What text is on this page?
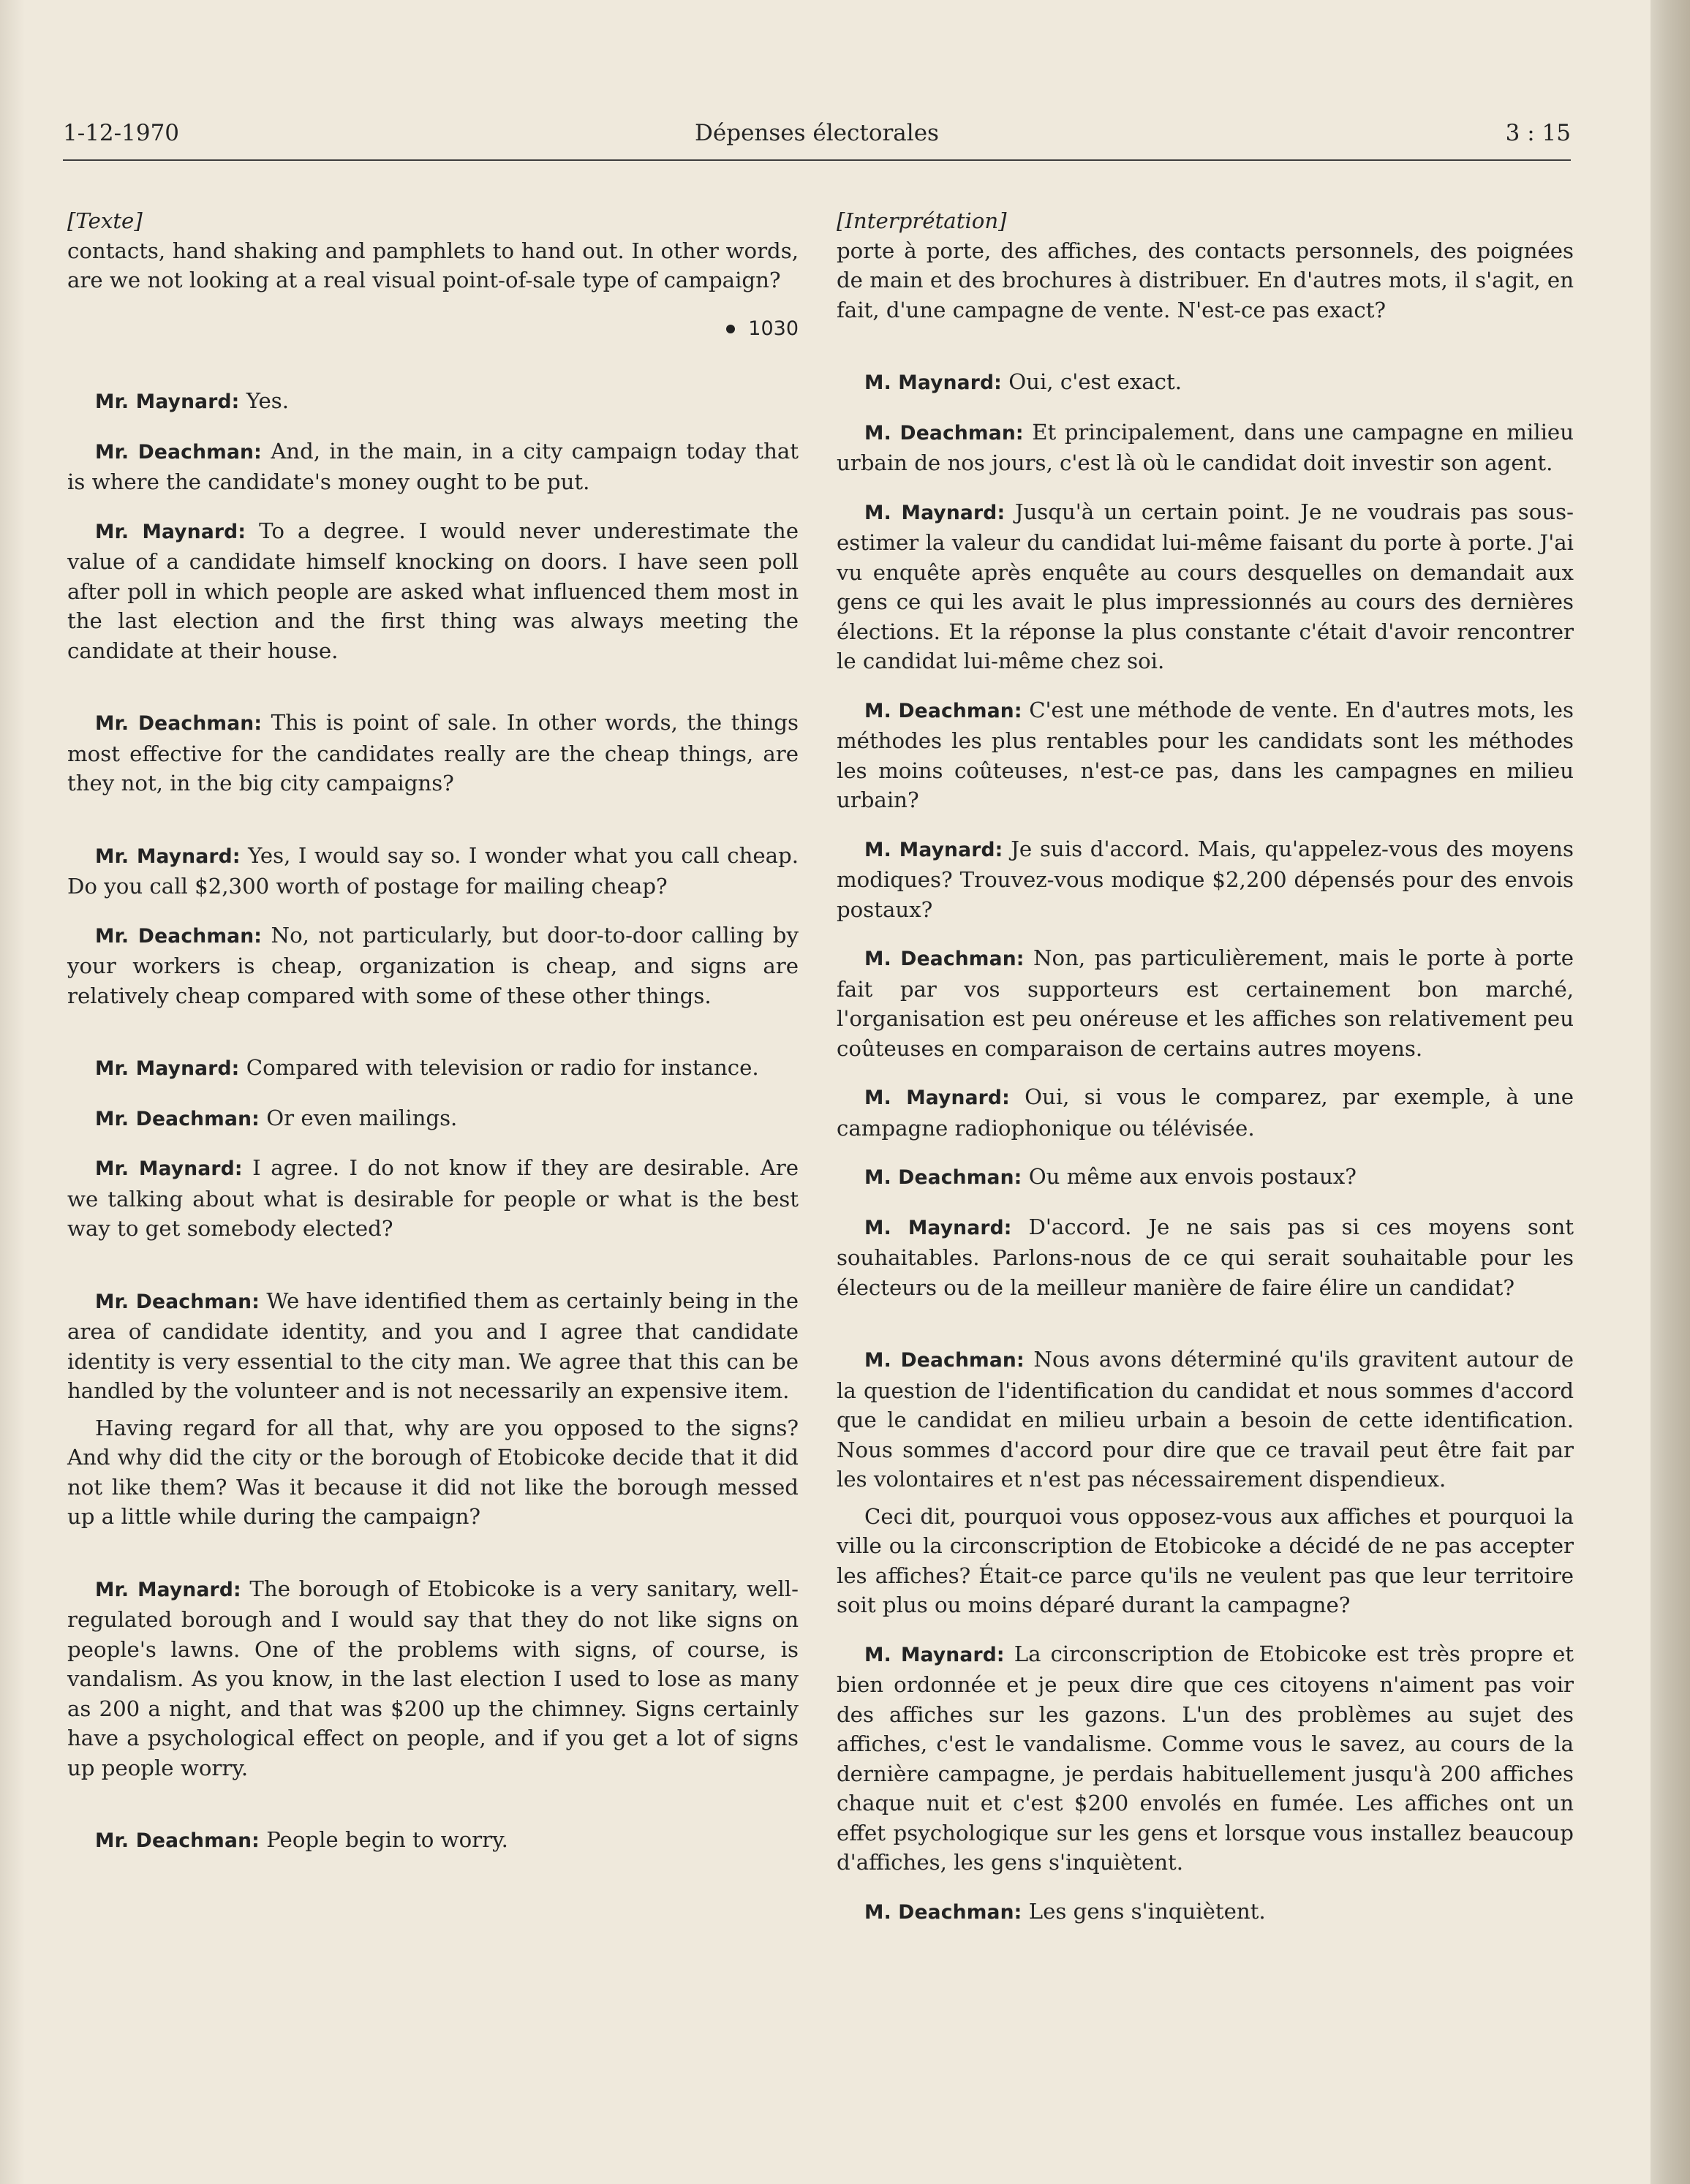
1-12-1970	Dépenses électorales	3 : 15
[Texte]

contacts, hand shaking and pamphlets to hand out. In other words, are we not looking at a real visual point-of-sale type of campaign?

1030

Mr. Maynard: Yes.

Mr. Deachman: And, in the main, in a city campaign today that is where the candidate's money ought to be put.

Mr. Maynard: To a degree. I would never underestimate the value of a candidate himself knocking on doors. I have seen poll after poll in which people are asked what influenced them most in the last election and the first thing was always meeting the candidate at their house.

Mr. Deachman: This is point of sale. In other words, the things most effective for the candidates really are the cheap things, are they not, in the big city campaigns?

Mr. Maynard: Yes, I would say so. I wonder what you call cheap. Do you call $2,300 worth of postage for mailing cheap?

Mr. Deachman: No, not particularly, but door-to-door calling by your workers is cheap, organization is cheap, and signs are relatively cheap compared with some of these other things.

Mr. Maynard: Compared with television or radio for instance.

Mr. Deachman: Or even mailings.

Mr. Maynard: I agree. I do not know if they are desirable. Are we talking about what is desirable for people or what is the best way to get somebody elected?

Mr. Deachman: We have identified them as certainly being in the area of candidate identity, and you and I agree that candidate identity is very essential to the city man. We agree that this can be handled by the volunteer and is not necessarily an expensive item.

Having regard for all that, why are you opposed to the signs? And why did the city or the borough of Etobicoke decide that it did not like them? Was it because it did not like the borough messed up a little while during the campaign?

Mr. Maynard: The borough of Etobicoke is a very sanitary, well-regulated borough and I would say that they do not like signs on people's lawns. One of the problems with signs, of course, is vandalism. As you know, in the last election I used to lose as many as 200 a night, and that was $200 up the chimney. Signs certainly have a psychological effect on people, and if you get a lot of signs up people worry.

Mr. Deachman: People begin to worry.

[Interprétation]

porte à porte, des affiches, des contacts personnels, des poignées de main et des brochures à distribuer. En d'autres mots, il s'agit, en fait, d'une campagne de vente. N'est-ce pas exact?

M. Maynard: Oui, c'est exact.

M. Deachman: Et principalement, dans une campagne en milieu urbain de nos jours, c'est là où le candidat doit investir son agent.

M. Maynard: Jusqu'à un certain point. Je ne voudrais pas sous-estimer la valeur du candidat lui-même faisant du porte à porte. J'ai vu enquête après enquête au cours desquelles on demandait aux gens ce qui les avait le plus impressionnés au cours des dernières élections. Et la réponse la plus constante c'était d'avoir rencontrer le candidat lui-même chez soi.

M. Deachman: C'est une méthode de vente. En d'autres mots, les méthodes les plus rentables pour les candidats sont les méthodes les moins coûteuses, n'est-ce pas, dans les campagnes en milieu urbain?

M. Maynard: Je suis d'accord. Mais, qu'appelez-vous des moyens modiques? Trouvez-vous modique $2,200 dépensés pour des envois postaux?

M. Deachman: Non, pas particulièrement, mais le porte à porte fait par vos supporteurs est certainement bon marché, l'organisation est peu onéreuse et les affiches son relativement peu coûteuses en comparaison de certains autres moyens.

M. Maynard: Oui, si vous le comparez, par exemple, à une campagne radiophonique ou télévisée.

M. Deachman: Ou même aux envois postaux?

M. Maynard: D'accord. Je ne sais pas si ces moyens sont souhaitables. Parlons-nous de ce qui serait souhaitable pour les électeurs ou de la meilleur manière de faire élire un candidat?

M. Deachman: Nous avons déterminé qu'ils gravitent autour de la question de l'identification du candidat et nous sommes d'accord que le candidat en milieu urbain a besoin de cette identification. Nous sommes d'accord pour dire que ce travail peut être fait par les volontaires et n'est pas nécessairement dispendieux.

Ceci dit, pourquoi vous opposez-vous aux affiches et pourquoi la ville ou la circonscription de Etobicoke a décidé de ne pas accepter les affiches? Était-ce parce qu'ils ne veulent pas que leur territoire soit plus ou moins déparé durant la campagne?

M. Maynard: La circonscription de Etobicoke est très propre et bien ordonnée et je peux dire que ces citoyens n'aiment pas voir des affiches sur les gazons. L'un des problèmes au sujet des affiches, c'est le vandalisme. Comme vous le savez, au cours de la dernière campagne, je perdais habituellement jusqu'à 200 affiches chaque nuit et c'est $200 envolés en fumée. Les affiches ont un effet psychologique sur les gens et lorsque vous installez beaucoup d'affiches, les gens s'inquiètent.

M. Deachman: Les gens s'inquiètent.
